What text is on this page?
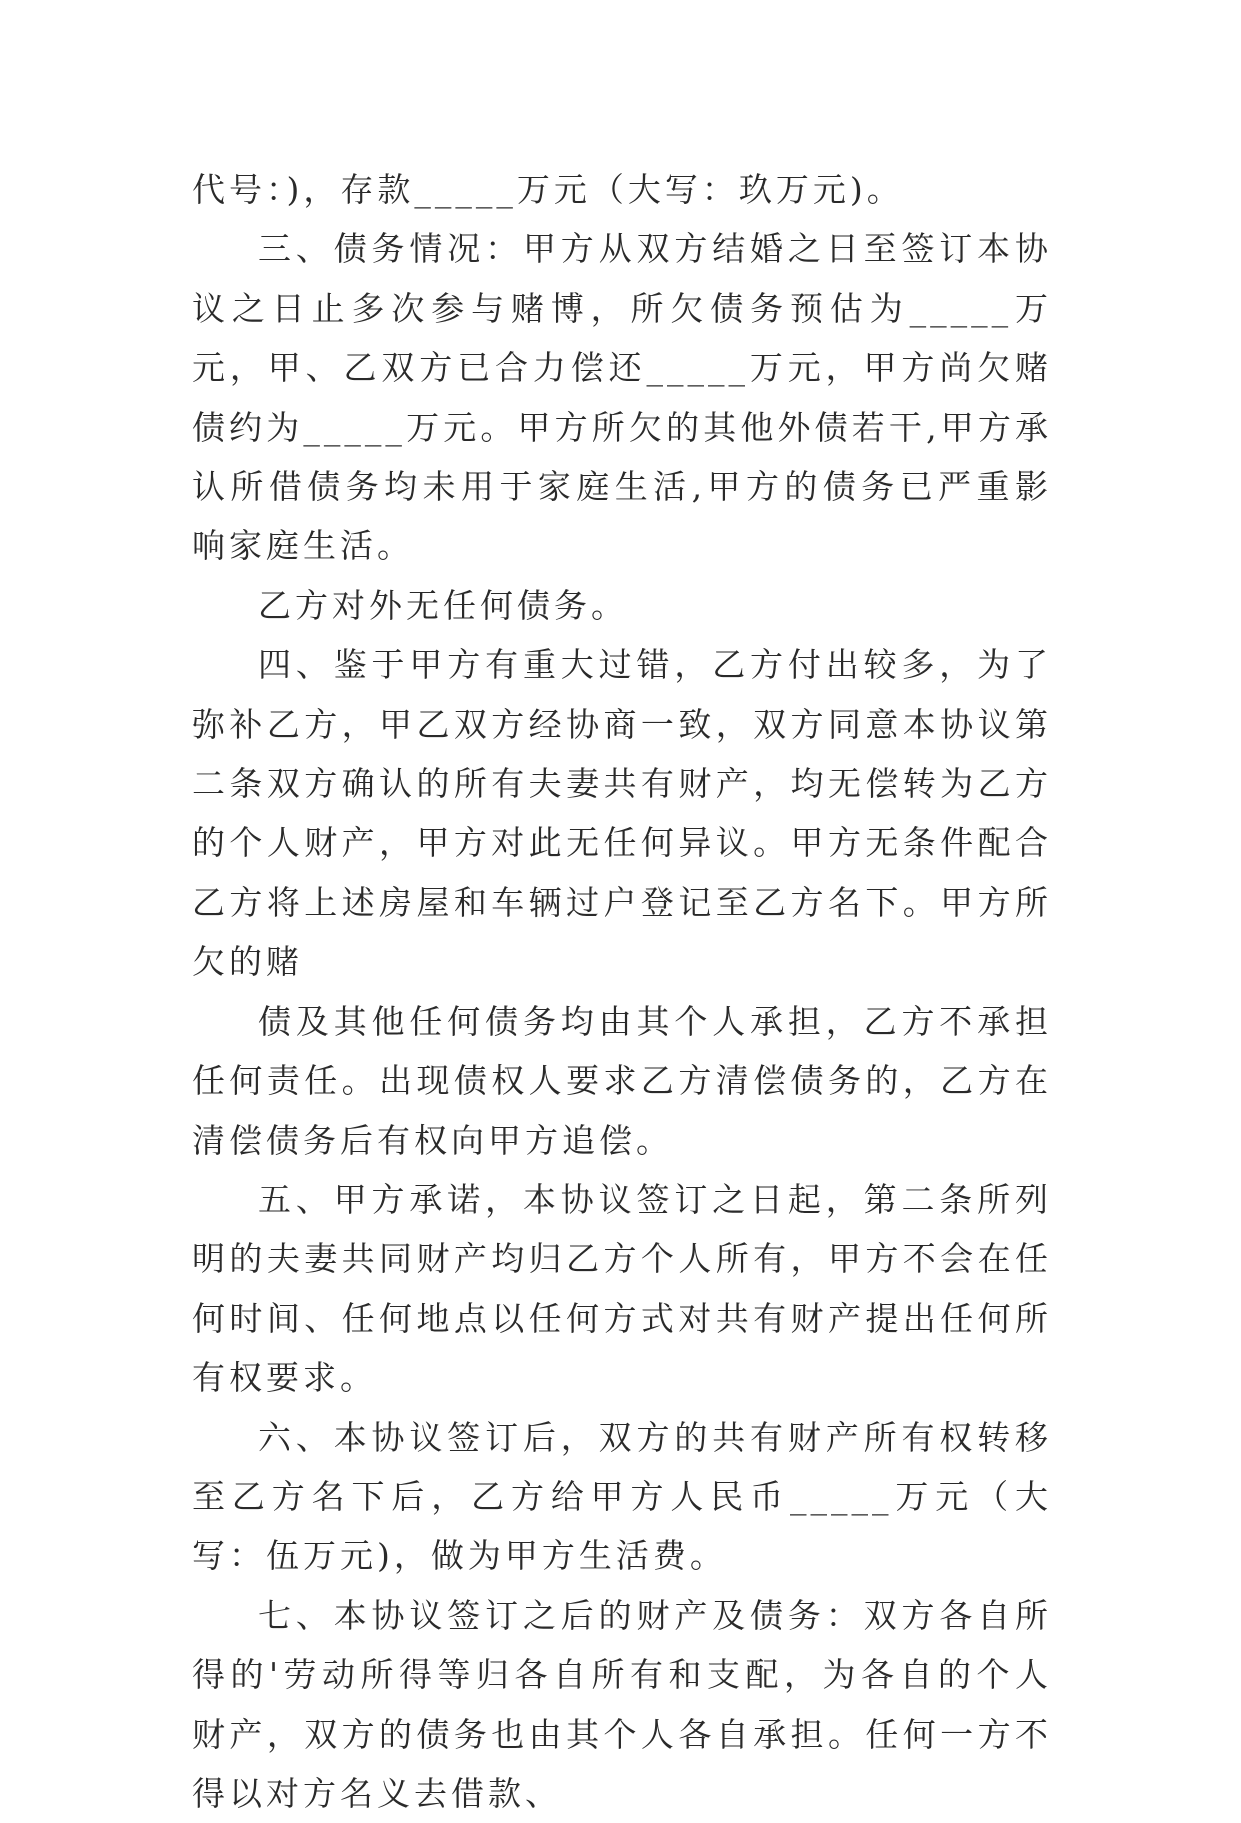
代号：)，存款_____万元（大写：玖万元)。

三、债务情况：甲方从双方结婚之日至签订本协议之日止多次参与赌博，所欠债务预估为_____万元，甲、乙双方已合力偿还_____万元，甲方尚欠赌债约为_____万元。甲方所欠的其他外债若干,甲方承认所借债务均未用于家庭生活,甲方的债务已严重影响家庭生活。

乙方对外无任何债务。

四、鉴于甲方有重大过错，乙方付出较多，为了弥补乙方，甲乙双方经协商一致，双方同意本协议第二条双方确认的所有夫妻共有财产，均无偿转为乙方的个人财产，甲方对此无任何异议。甲方无条件配合乙方将上述房屋和车辆过户登记至乙方名下。甲方所欠的赌

债及其他任何债务均由其个人承担，乙方不承担任何责任。出现债权人要求乙方清偿债务的，乙方在清偿债务后有权向甲方追偿。

五、甲方承诺，本协议签订之日起，第二条所列明的夫妻共同财产均归乙方个人所有，甲方不会在任何时间、任何地点以任何方式对共有财产提出任何所有权要求。

六、本协议签订后，双方的共有财产所有权转移至乙方名下后，乙方给甲方人民币_____万元（大写：伍万元)，做为甲方生活费。

七、本协议签订之后的财产及债务：双方各自所得的'劳动所得等归各自所有和支配，为各自的个人财产，双方的债务也由其个人各自承担。任何一方不得以对方名义去借款、
